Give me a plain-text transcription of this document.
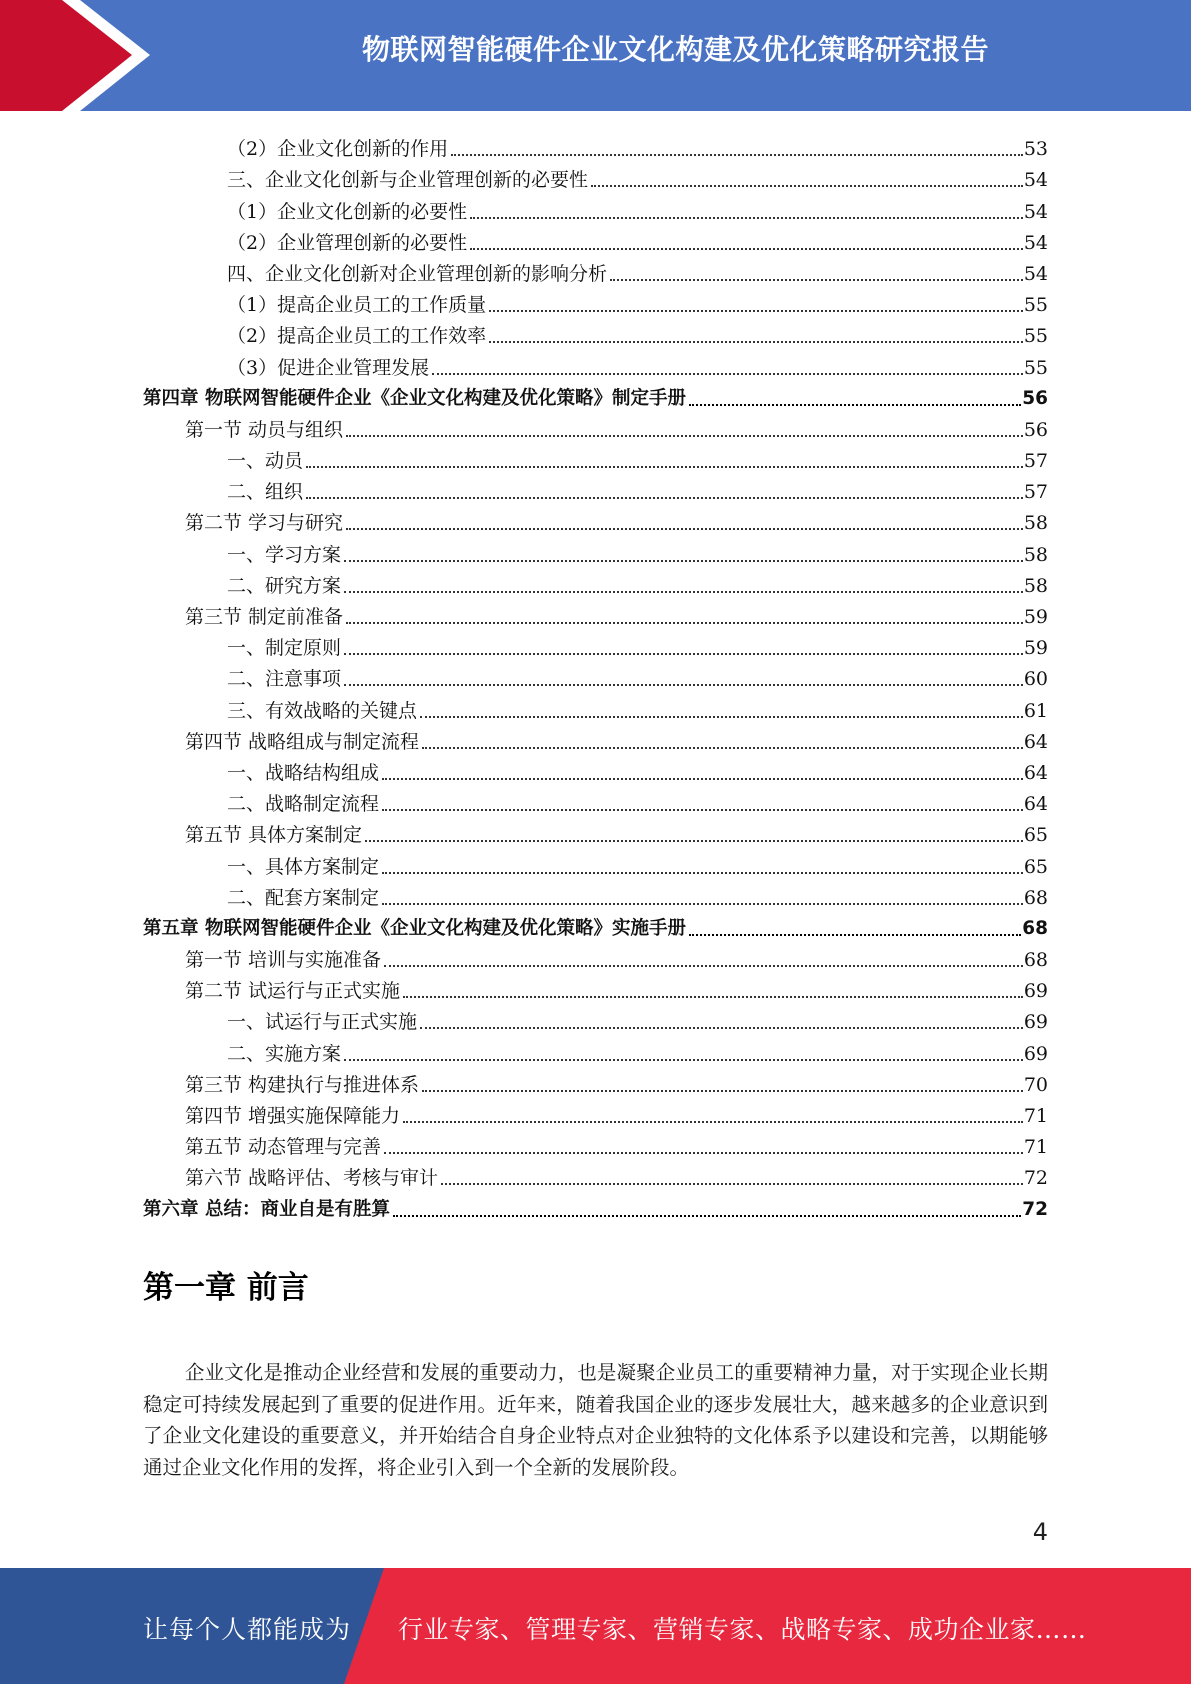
物联网智能硬件企业文化构建及优化策略研究报告
（2）企业文化创新的作用	53
三、企业文化创新与企业管理创新的必要性	54
（1）企业文化创新的必要性	54
（2）企业管理创新的必要性	54
四、企业文化创新对企业管理创新的影响分析	54
（1）提高企业员工的工作质量	55
（2）提高企业员工的工作效率	55
（3）促进企业管理发展	55
第四章 物联网智能硬件企业《企业文化构建及优化策略》制定手册	56
第一节 动员与组织	56
一、动员	57
二、组织	57
第二节 学习与研究	58
一、学习方案	58
二、研究方案	58
第三节 制定前准备	59
一、制定原则	59
二、注意事项	60
三、有效战略的关键点	61
第四节 战略组成与制定流程	64
一、战略结构组成	64
二、战略制定流程	64
第五节 具体方案制定	65
一、具体方案制定	65
二、配套方案制定	68
第五章 物联网智能硬件企业《企业文化构建及优化策略》实施手册	68
第一节 培训与实施准备	68
第二节 试运行与正式实施	69
一、试运行与正式实施	69
二、实施方案	69
第三节 构建执行与推进体系	70
第四节 增强实施保障能力	71
第五节 动态管理与完善	71
第六节 战略评估、考核与审计	72
第六章 总结：商业自是有胜算	72
第一章 前言
企业文化是推动企业经营和发展的重要动力，也是凝聚企业员工的重要精神力量，对于实现企业长期稳定可持续发展起到了重要的促进作用。近年来，随着我国企业的逐步发展壮大，越来越多的企业意识到了企业文化建设的重要意义，并开始结合自身企业特点对企业独特的文化体系予以建设和完善，以期能够通过企业文化作用的发挥，将企业引入到一个全新的发展阶段。
4
让每个人都能成为 行业专家、管理专家、营销专家、战略专家、成功企业家……
